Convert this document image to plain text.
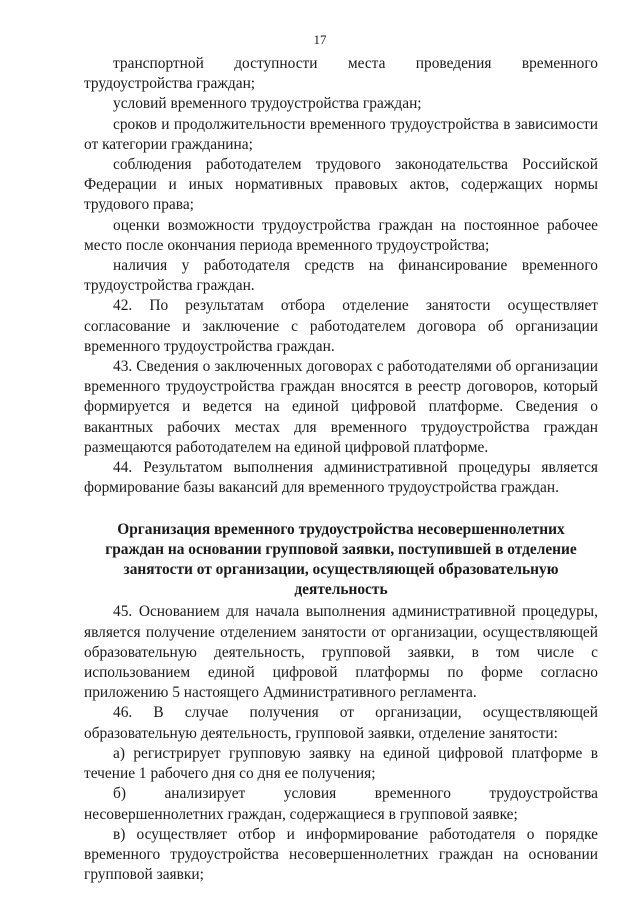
17

транспортной доступности места проведения временного трудоустройства граждан;

условий временного трудоустройства граждан;

сроков и продолжительности временного трудоустройства в зависимости от категории гражданина;

соблюдения работодателем трудового законодательства Российской Федерации и иных нормативных правовых актов, содержащих нормы трудового права;

оценки возможности трудоустройства граждан на постоянное рабочее место после окончания периода временного трудоустройства;

наличия у работодателя средств на финансирование временного трудоустройства граждан.

42. По результатам отбора отделение занятости осуществляет согласование и заключение с работодателем договора об организации временного трудоустройства граждан.

43. Сведения о заключенных договорах с работодателями об организации временного трудоустройства граждан вносятся в реестр договоров, который формируется и ведется на единой цифровой платформе. Сведения о вакантных рабочих местах для временного трудоустройства граждан размещаются работодателем на единой цифровой платформе.

44. Результатом выполнения административной процедуры является формирование базы вакансий для временного трудоустройства граждан.

Организация временного трудоустройства несовершеннолетних граждан на основании групповой заявки, поступившей в отделение занятости от организации, осуществляющей образовательную деятельность

45. Основанием для начала выполнения административной процедуры, является получение отделением занятости от организации, осуществляющей образовательную деятельность, групповой заявки, в том числе с использованием единой цифровой платформы по форме согласно приложению 5 настоящего Административного регламента.

46. В случае получения от организации, осуществляющей образовательную деятельность, групповой заявки, отделение занятости:

а) регистрирует групповую заявку на единой цифровой платформе в течение 1 рабочего дня со дня ее получения;

б) анализирует условия временного трудоустройства несовершеннолетних граждан, содержащиеся в групповой заявке;

в) осуществляет отбор и информирование работодателя о порядке временного трудоустройства несовершеннолетних граждан на основании групповой заявки;
